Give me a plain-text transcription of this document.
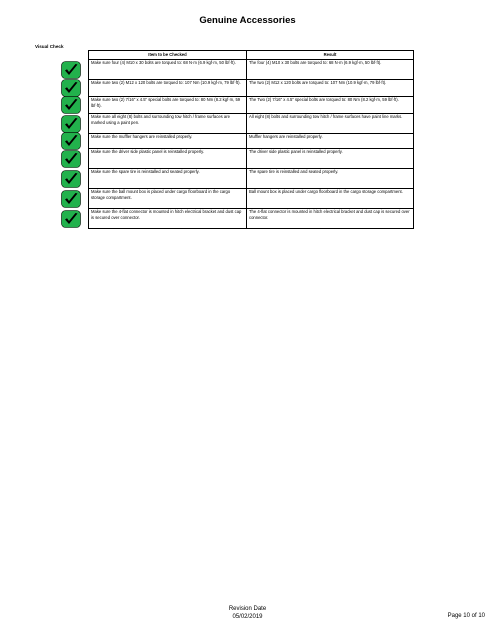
Genuine Accessories
Visual Check
Item to be Checked	Result
Make sure four (4) M10 x 30 bolts are torqued to: 68 N·m (6.9 kgf·m, 50 lbf·ft).	The four (4) M10 x 30 bolts are torqued to: 68 N·m (6.9 kgf·m, 50 lbf·ft).
Make sure two (2) M12 x 120 bolts are torqued to: 107 Nm (10.9 kgf·m, 79 lbf·ft).	The two (2) M12 x 120 bolts are torqued to: 107 Nm (10.9 kgf·m, 79 lbf·ft).
Make sure two (2) 7/16" x 4.5" special bolts are torqued to: 80 Nm (8.2 kgf·m, 59 lbf·ft).	The Two (2) 7/16" x 4.5" special bolts are torqued to: 80 Nm (8.2 kgf·m, 59 lbf·ft).
Make sure all eight (8) bolts and surrounding tow hitch / frame surfaces are marked using a paint pen.	All eight (8) bolts and surrounding tow hitch / frame surfaces have paint line marks.
Make sure the muffler hangers are reinstalled properly.	Muffler hangers are reinstalled properly.
Make sure the driver side plastic panel is reinstalled properly.	The driver side plastic panel is reinstalled properly.
Make sure the spare tire is reinstalled and seated properly.	The spare tire is reinstalled and seated properly.
Make sure the ball mount box is placed under cargo floorboard in the cargo storage compartment.	Ball mount box is placed under cargo floorboard in the cargo storage compartment.
Make sure the 4-flat connector is mounted in hitch electrical bracket and dust cap is secured over connector.	The 4-flat connector is mounted in hitch electrical bracket and dust cap is secured over connector.
Revision Date
05/02/2019	Page 10 of 10
